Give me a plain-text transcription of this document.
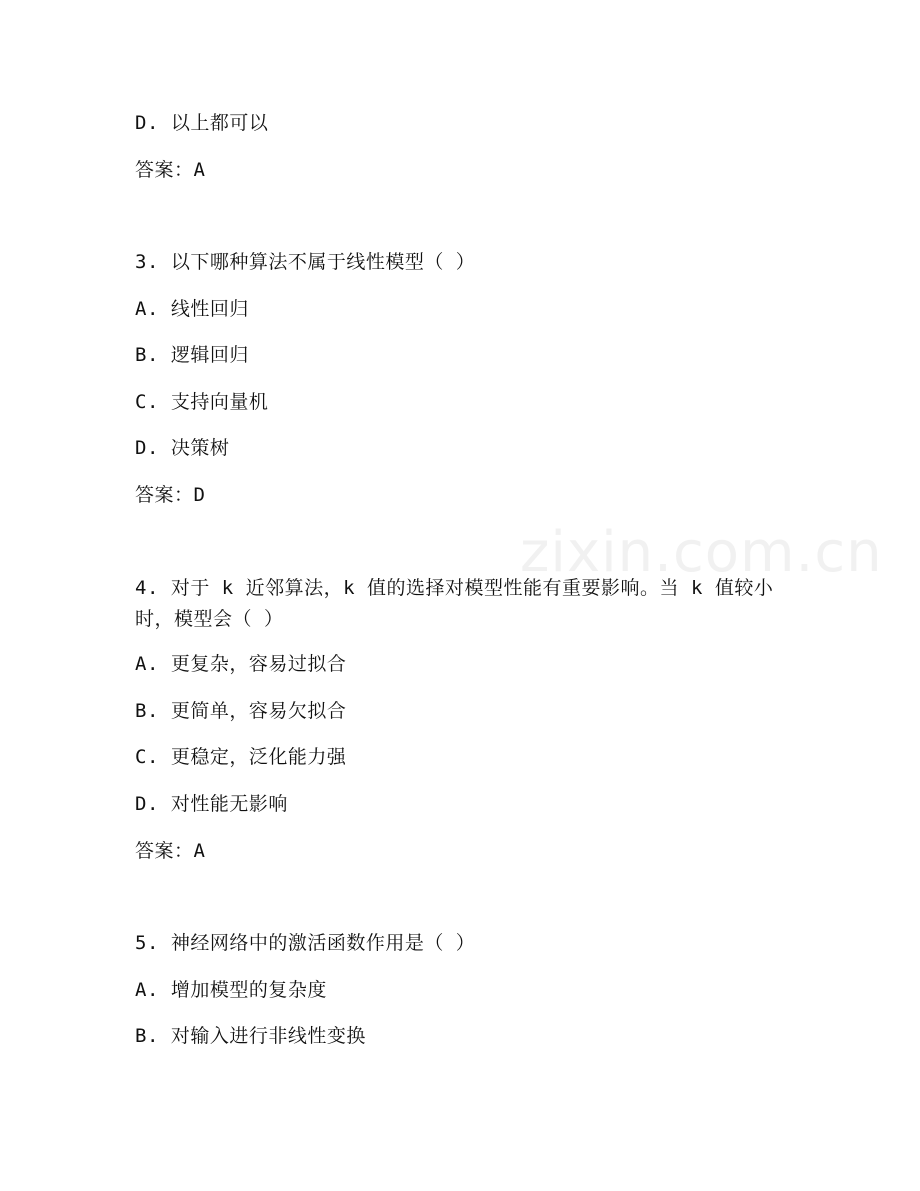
zixin.com.cn
D. 以上都可以
答案：A
3. 以下哪种算法不属于线性模型（ ）
A. 线性回归
B. 逻辑回归
C. 支持向量机
D. 决策树
答案：D
4. 对于 k 近邻算法，k 值的选择对模型性能有重要影响。当 k 值较小时，模型会（ ）
A. 更复杂，容易过拟合
B. 更简单，容易欠拟合
C. 更稳定，泛化能力强
D. 对性能无影响
答案：A
5. 神经网络中的激活函数作用是（ ）
A. 增加模型的复杂度
B. 对输入进行非线性变换
